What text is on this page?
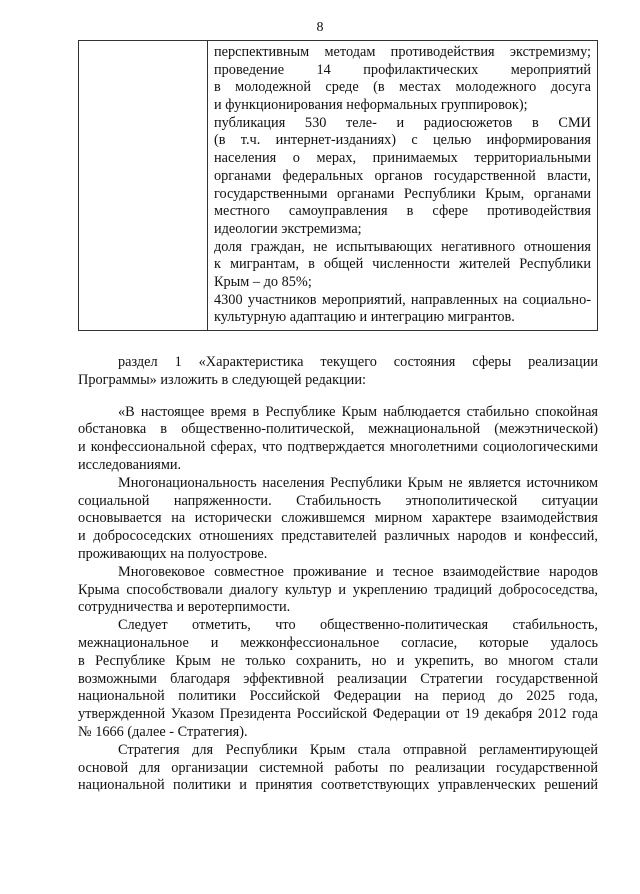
8

перспективным методам противодействия экстремизму;
проведение 14 профилактических мероприятий
в молодежной среде (в местах молодежного досуга
и функционирования неформальных группировок);
публикация 530 теле- и радиосюжетов в СМИ
(в т.ч. интернет-изданиях) с целью информирования
населения о мерах, принимаемых территориальными
органами федеральных органов государственной власти,
государственными органами Республики Крым, органами
местного самоуправления в сфере противодействия
идеологии экстремизма;
доля граждан, не испытывающих негативного отношения
к мигрантам, в общей численности жителей Республики
Крым – до 85%;
4300 участников мероприятий, направленных на социально-
культурную адаптацию и интеграцию мигрантов.
раздел 1 «Характеристика текущего состояния сферы реализации
Программы» изложить в следующей редакции:
«В настоящее время в Республике Крым наблюдается стабильно спокойная
обстановка в общественно-политической, межнациональной (межэтнической)
и конфессиональной сферах, что подтверждается многолетними социологическими
исследованиями.
Многонациональность населения Республики Крым не является источником
социальной напряженности. Стабильность этнополитической ситуации
основывается на исторически сложившемся мирном характере взаимодействия
и добрососедских отношениях представителей различных народов и конфессий,
проживающих на полуострове.
Многовековое совместное проживание и тесное взаимодействие народов
Крыма способствовали диалогу культур и укреплению традиций добрососедства,
сотрудничества и веротерпимости.
Следует отметить, что общественно-политическая стабильность,
межнациональное и межконфессиональное согласие, которые удалось
в Республике Крым не только сохранить, но и укрепить, во многом стали
возможными благодаря эффективной реализации Стратегии государственной
национальной политики Российской Федерации на период до 2025 года,
утвержденной Указом Президента Российской Федерации от 19 декабря 2012 года
№ 1666 (далее - Стратегия).
Стратегия для Республики Крым стала отправной регламентирующей
основой для организации системной работы по реализации государственной
национальной политики и принятия соответствующих управленческих решений
